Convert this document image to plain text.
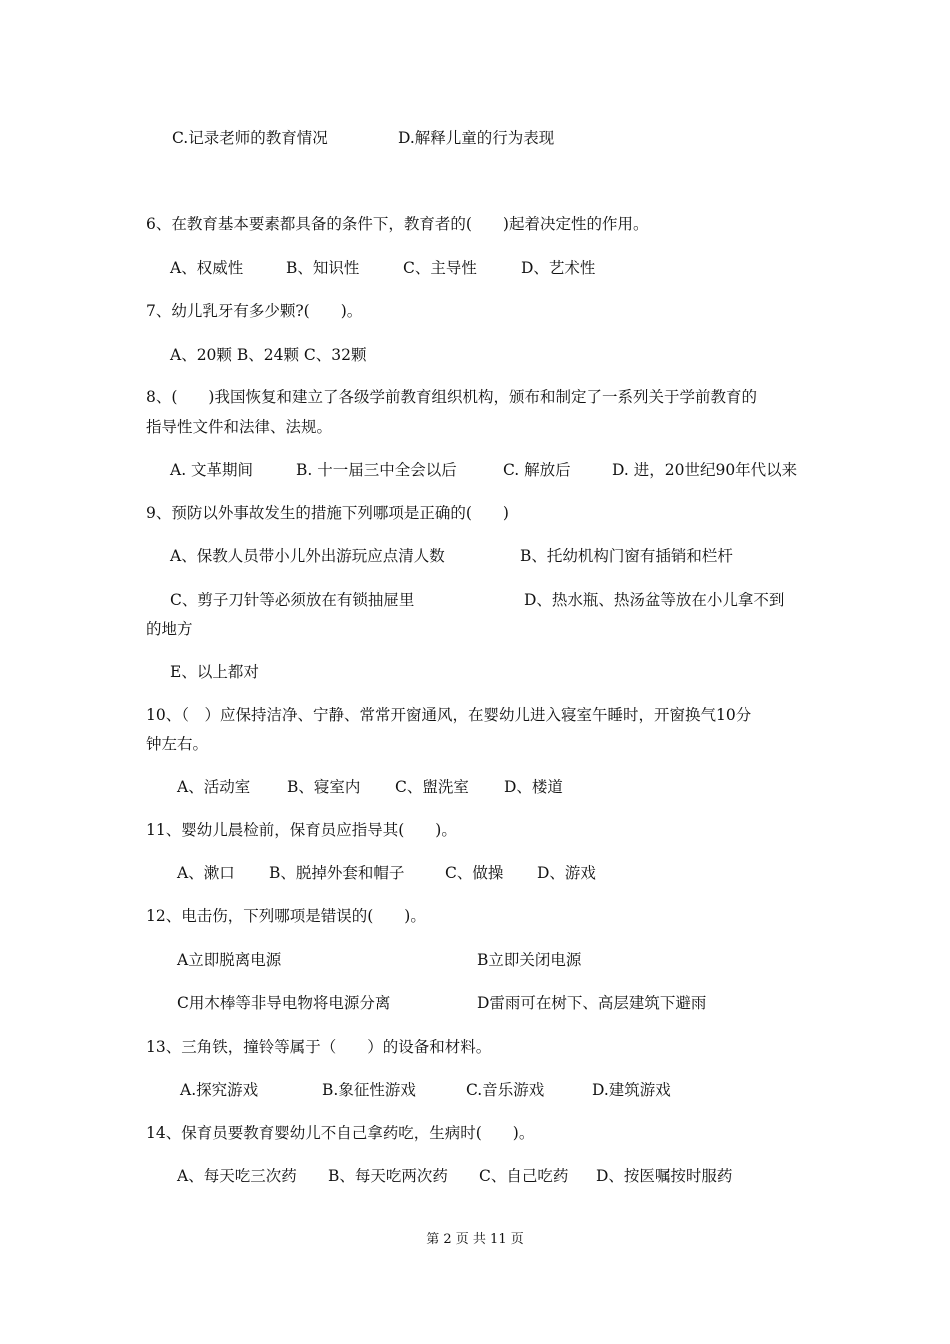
C.记录老师的教育情况	D.解释儿童的行为表现
6、在教育基本要素都具备的条件下，教育者的(　　)起着决定性的作用。
A、权威性	B、知识性	C、主导性	D、艺术性
7、幼儿乳牙有多少颗?(　　)。
A、20颗 B、24颗 C、32颗
8、(　　)我国恢复和建立了各级学前教育组织机构，颁布和制定了一系列关于学前教育的
指导性文件和法律、法规。
A. 文革期间	B. 十一届三中全会以后	C. 解放后	D. 进，20世纪90年代以来
9、预防以外事故发生的措施下列哪项是正确的(　　)
A、保教人员带小儿外出游玩应点清人数	B、托幼机构门窗有插销和栏杆
C、剪子刀针等必须放在有锁抽屉里	D、热水瓶、热汤盆等放在小儿拿不到
的地方
E、以上都对
10、（　）应保持洁净、宁静、常常开窗通风，在婴幼儿进入寝室午睡时，开窗换气10分
钟左右。
A、活动室 B、寝室内 C、盥洗室 D、楼道
11、婴幼儿晨检前，保育员应指导其(　　)。
A、漱口 B、脱掉外套和帽子	C、做操 D、游戏
12、电击伤，下列哪项是错误的(　　)。
A立即脱离电源	B立即关闭电源
C用木棒等非导电物将电源分离	D雷雨可在树下、高层建筑下避雨
13、三角铁，撞铃等属于（　　）的设备和材料。
A.探究游戏	B.象征性游戏	C.音乐游戏	D.建筑游戏
14、保育员要教育婴幼儿不自己拿药吃，生病时(　　)。
A、每天吃三次药 B、每天吃两次药 C、自己吃药 D、按医嘱按时服药
第 2 页 共 11 页
